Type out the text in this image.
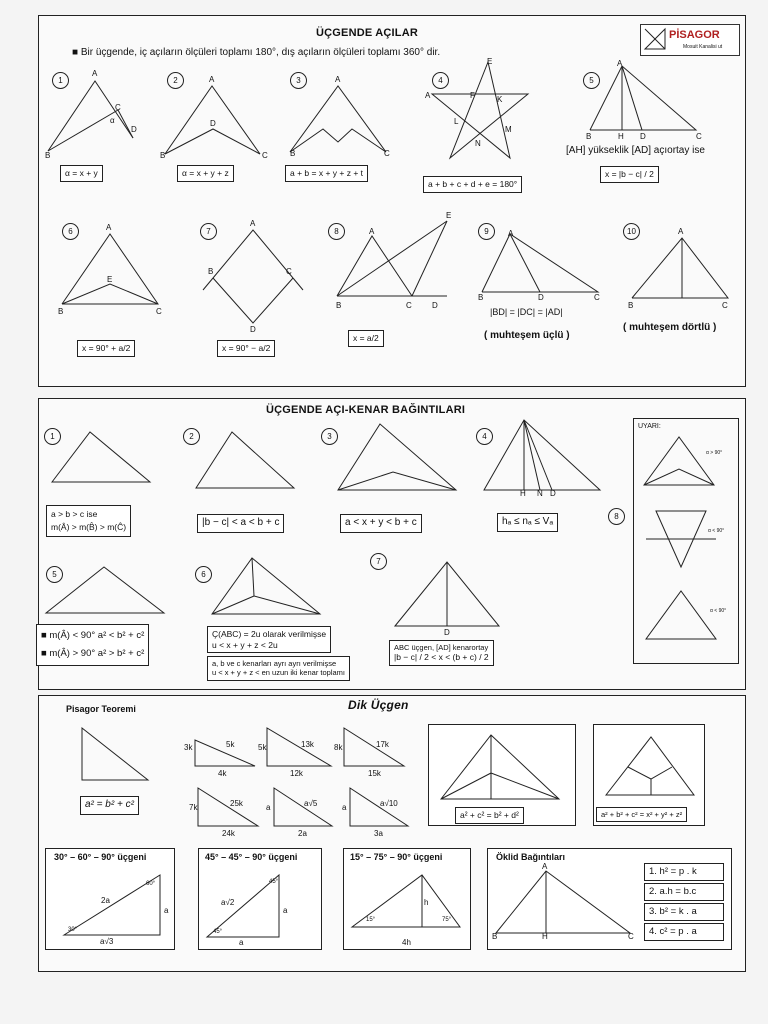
ÜÇGENDE AÇILAR
■ Bir üçgende, iç açıların ölçüleri toplamı 180°, dış açıların ölçüleri toplamı 360° dir.
PİSAGOR
Mosuit Kanalisi ut
1	2	3	4	5
A
B
C
D
α
α = x + y
A
B	C
D
α = x + y + z
A
B	C
a + b = x + y + z + t
A
E
F	K
L
M
N
a + b + c + d + e = 180°
A
B	H D	C
[AH] yükseklik [AD] açıortay ise
x = |b − c| / 2
6	7	8	9	10
A
E
B	C
x = 90° + a/2
A
B	C
D
x = 90° − a/2
A
E
B	C	D
x = a/2
A
B	D	C
|BD| = |DC| = |AD|
( muhteşem üçlü )
A
B	C
( muhteşem dörtlü )
ÜÇGENDE AÇI-KENAR BAĞINTILARI
1	2	3	4
a > b > c ise
m(Â) > m(B̂) > m(Ĉ)	|b − c| < a < b + c	a < x + y < b + c
H N D
hₐ ≤ nₐ ≤ Vₐ
5
■ m(Â) < 90° a² < b² + c²
■ m(Â) > 90° a² > b² + c²
6
Ç(ABC) = 2u olarak verilmişse
u < x + y + z < 2u
a, b ve c kenarları ayrı ayrı verilmişse
u < x + y + z < en uzun iki kenar toplamı
7
D
ABC üçgen, [AD] kenarortay
|b − c| / 2 < x < (b + c) / 2
8
UYARI:
α > 90°
α < 90°
α < 90°
Dik Üçgen
Pisagor Teoremi
a² = b² + c²
3k
4k
5k	5k
12k
13k	8k
15k
17k
7k
24k
25k	a
2a
a√5	a
3a
a√10
a² + c² = b² + d²	a² + b² + c² = x² + y² + z²
30° – 60° – 90° üçgeni
2a
a
a√3
60°
30°
45° – 45° – 90° üçgeni
a√2
a
a
45°
45°
15° – 75° – 90° üçgeni
h
4h
15°	75°
Öklid Bağıntıları
A
B	H	C
1. h² = p . k
2. a.h = b.c
3. b² = k . a
4. c² = p . a
